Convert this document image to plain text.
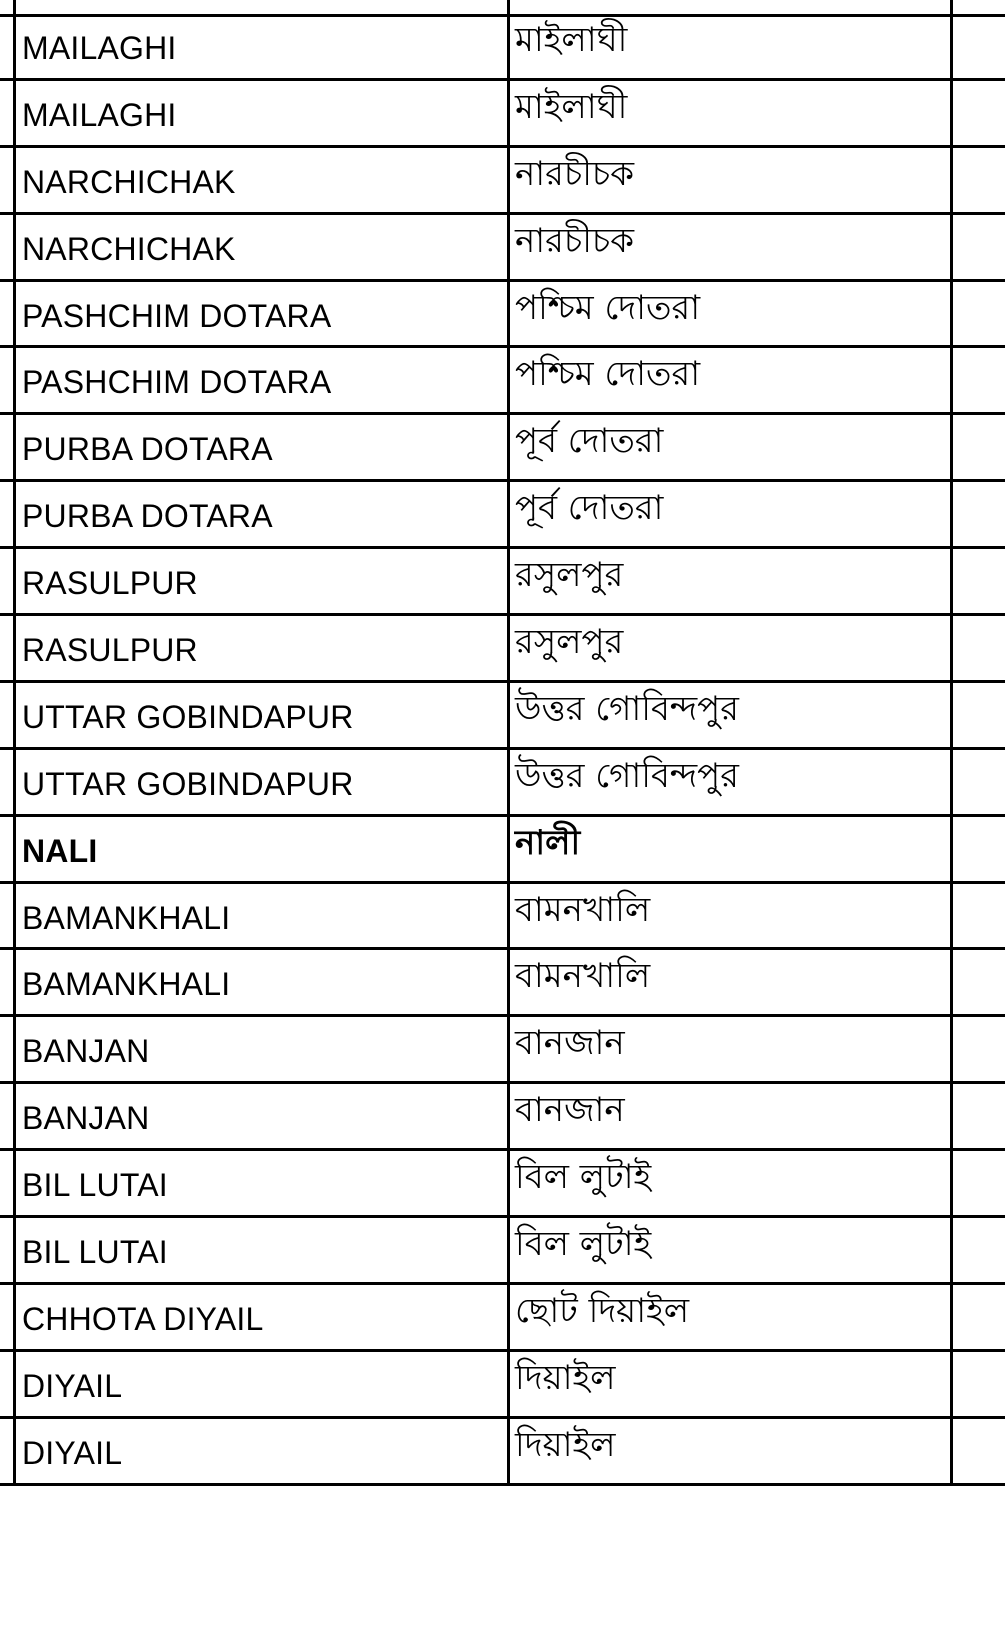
MAILAGHI	মাইলাঘী
MAILAGHI	মাইলাঘী
NARCHICHAK	নারচীচক
NARCHICHAK	নারচীচক
PASHCHIM DOTARA	পশ্চিম দোতরা
PASHCHIM DOTARA	পশ্চিম দোতরা
PURBA DOTARA	পূর্ব দোতরা
PURBA DOTARA	পূর্ব দোতরা
RASULPUR	রসুলপুর
RASULPUR	রসুলপুর
UTTAR GOBINDAPUR	উত্তর গোবিন্দপুর
UTTAR GOBINDAPUR	উত্তর গোবিন্দপুর
NALI	নালী
BAMANKHALI	বামনখালি
BAMANKHALI	বামনখালি
BANJAN	বানজান
BANJAN	বানজান
BIL LUTAI	বিল লুটাই
BIL LUTAI	বিল লুটাই
CHHOTA DIYAIL	ছোট দিয়াইল
DIYAIL	দিয়াইল
DIYAIL	দিয়াইল
